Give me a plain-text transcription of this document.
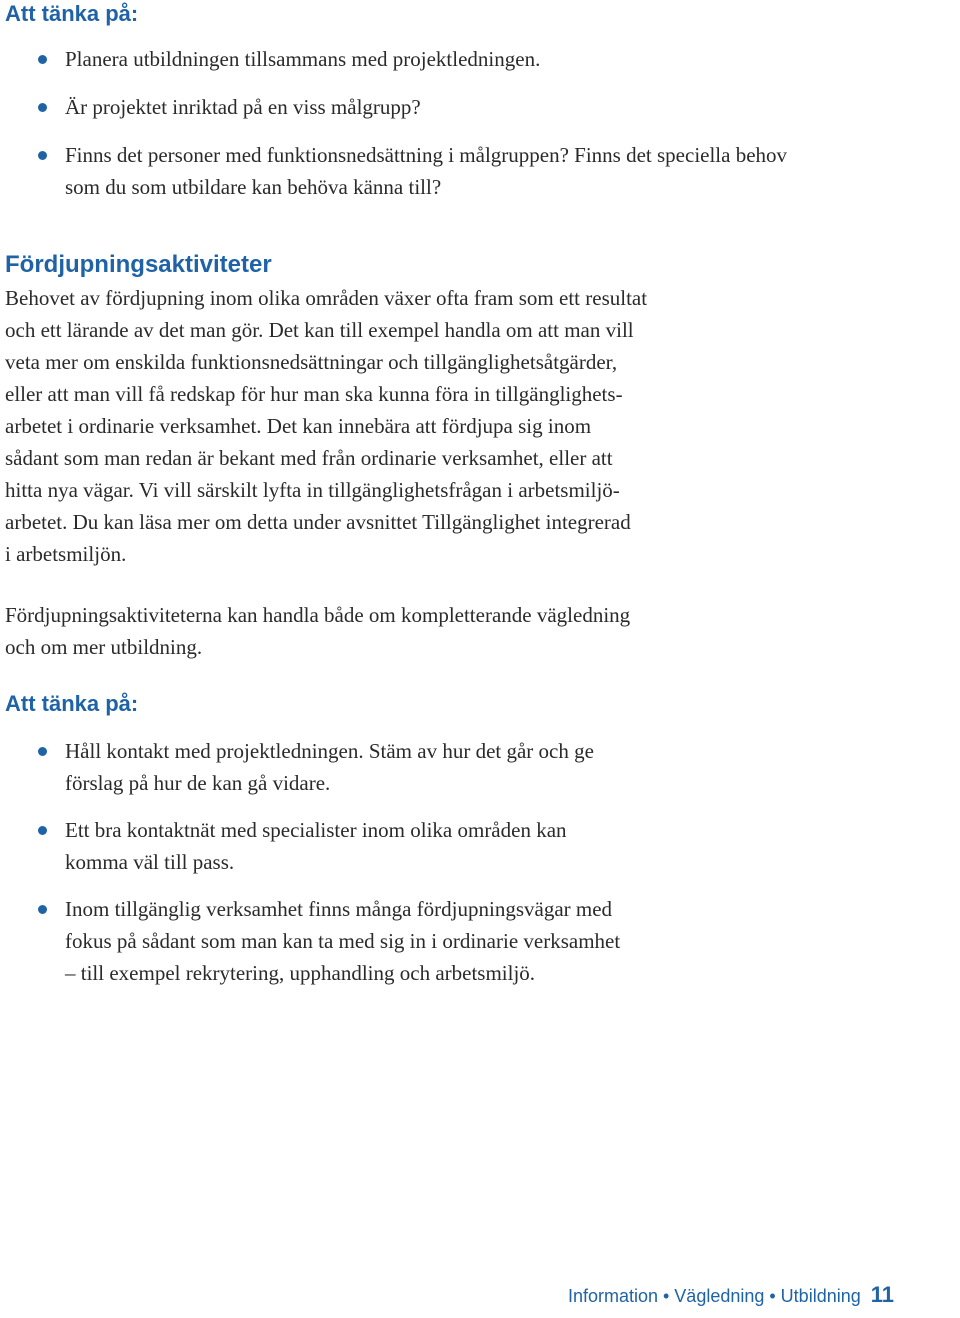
Att tänka på:
Planera utbildningen tillsammans med projektledningen.
Är projektet inriktad på en viss målgrupp?
Finns det personer med funktionsnedsättning i målgruppen? Finns det speciella behov som du som utbildare kan behöva känna till?
Fördjupningsaktiviteter
Behovet av fördjupning inom olika områden växer ofta fram som ett resultat
och ett lärande av det man gör. Det kan till exempel handla om att man vill
veta mer om enskilda funktionsnedsättningar och tillgänglighetsåtgärder,
eller att man vill få redskap för hur man ska kunna föra in tillgänglighets-
arbetet i ordinarie verksamhet. Det kan innebära att fördjupa sig inom
sådant som man redan är bekant med från ordinarie verksamhet, eller att
hitta nya vägar. Vi vill särskilt lyfta in tillgänglighetsfrågan i arbetsmiljö-
arbetet. Du kan läsa mer om detta under avsnittet Tillgänglighet integrerad
i arbetsmiljön.
Fördjupningsaktiviteterna kan handla både om kompletterande vägledning
och om mer utbildning.
Att tänka på:
Håll kontakt med projektledningen. Stäm av hur det går och ge
förslag på hur de kan gå vidare.
Ett bra kontaktnät med specialister inom olika områden kan
komma väl till pass.
Inom tillgänglig verksamhet finns många fördjupningsvägar med
fokus på sådant som man kan ta med sig in i ordinarie verksamhet
– till exempel rekrytering, upphandling och arbetsmiljö.
Information • Vägledning • Utbildning 11
